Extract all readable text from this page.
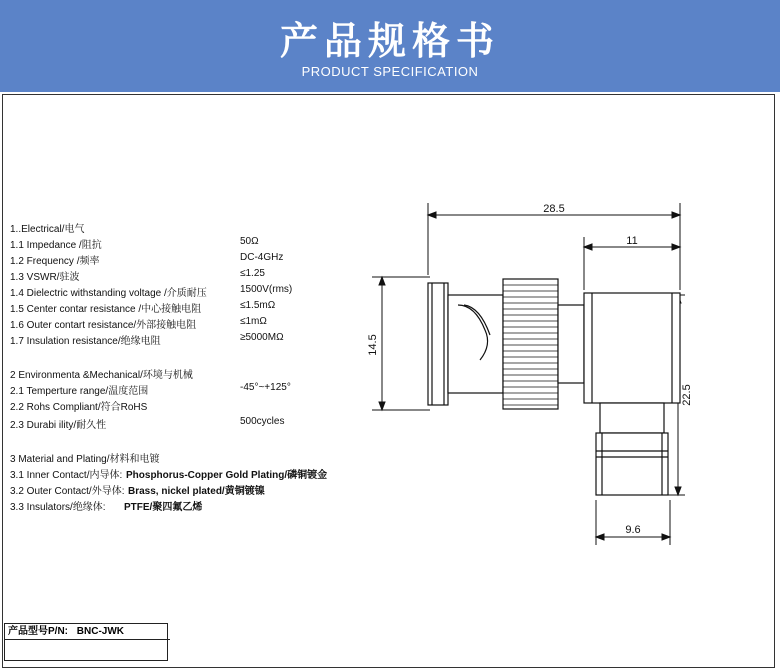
产品规格书
PRODUCT SPECIFICATION
1..Electrical/电气
1.1 Impedance /阻抗	50Ω
1.2 Frequency /频率	DC-4GHz
1.3 VSWR/驻波	≤1.25
1.4 Dielectric withstanding voltage /介质耐压	1500V(rms)
1.5 Center contar resistance /中心接触电阻	≤1.5mΩ
1.6 Outer contart resistance/外部接触电阻	≤1mΩ
1.7 Insulation resistance/绝缘电阻	≥5000MΩ
2 Environmenta &Mechanical/环境与机械
2.1 Temperture range/温度范围	-45°~+125°
2.2 Rohs Compliant/符合RoHS
2.3 Durabi ility/耐久性	500cycles
3 Material and Plating/材料和电镀
3.1 Inner Contact/内导体: Phosphorus-Copper Gold Plating/磷铜镀金
3.2 Outer Contact/外导体: Brass, nickel plated/黄铜镀镍
3.3 Insulators/绝缘体: PTFE/聚四氟乙烯
28.5
11
14.5
22.5
9.6
产品型号P/N: BNC-JWK
